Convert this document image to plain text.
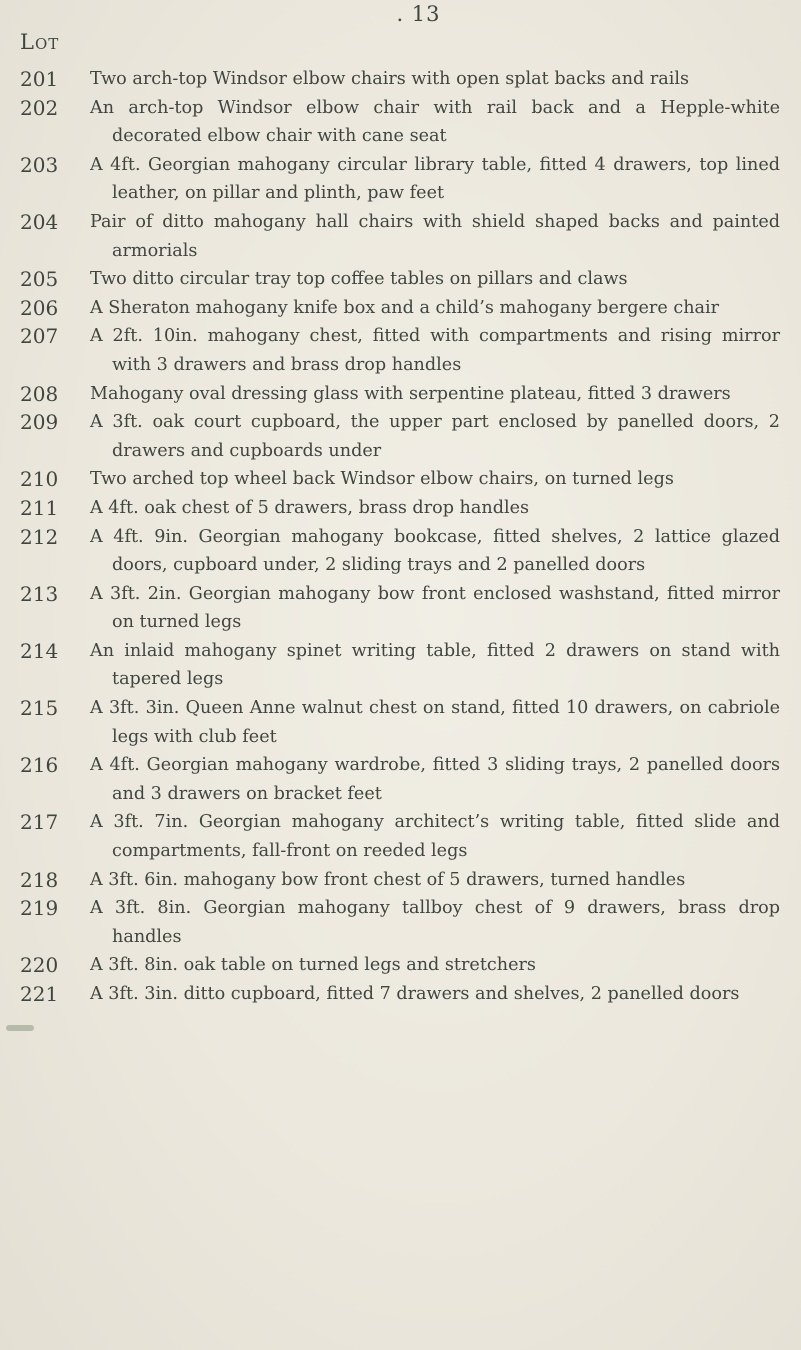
. 13
Lot
201	Two arch-top Windsor elbow chairs with open splat backs and rails
202	An arch-top Windsor elbow chair with rail back and a Hepple-white decorated elbow chair with cane seat
203	A 4ft. Georgian mahogany circular library table, fitted 4 drawers, top lined leather, on pillar and plinth, paw feet
204	Pair of ditto mahogany hall chairs with shield shaped backs and painted armorials
205	Two ditto circular tray top coffee tables on pillars and claws
206	A Sheraton mahogany knife box and a child’s mahogany bergere chair
207	A 2ft. 10in. mahogany chest, fitted with compartments and rising mirror with 3 drawers and brass drop handles
208	Mahogany oval dressing glass with serpentine plateau, fitted 3 drawers
209	A 3ft. oak court cupboard, the upper part enclosed by panelled doors, 2 drawers and cupboards under
210	Two arched top wheel back Windsor elbow chairs, on turned legs
211	A 4ft. oak chest of 5 drawers, brass drop handles
212	A 4ft. 9in. Georgian mahogany bookcase, fitted shelves, 2 lattice glazed doors, cupboard under, 2 sliding trays and 2 panelled doors
213	A 3ft. 2in. Georgian mahogany bow front enclosed washstand, fitted mirror on turned legs
214	An inlaid mahogany spinet writing table, fitted 2 drawers on stand with tapered legs
215	A 3ft. 3in. Queen Anne walnut chest on stand, fitted 10 drawers, on cabriole legs with club feet
216	A 4ft. Georgian mahogany wardrobe, fitted 3 sliding trays, 2 panelled doors and 3 drawers on bracket feet
217	A 3ft. 7in. Georgian mahogany architect’s writing table, fitted slide and compartments, fall-front on reeded legs
218	A 3ft. 6in. mahogany bow front chest of 5 drawers, turned handles
219	A 3ft. 8in. Georgian mahogany tallboy chest of 9 drawers, brass drop handles
220	A 3ft. 8in. oak table on turned legs and stretchers
221	A 3ft. 3in. ditto cupboard, fitted 7 drawers and shelves, 2 panelled doors
